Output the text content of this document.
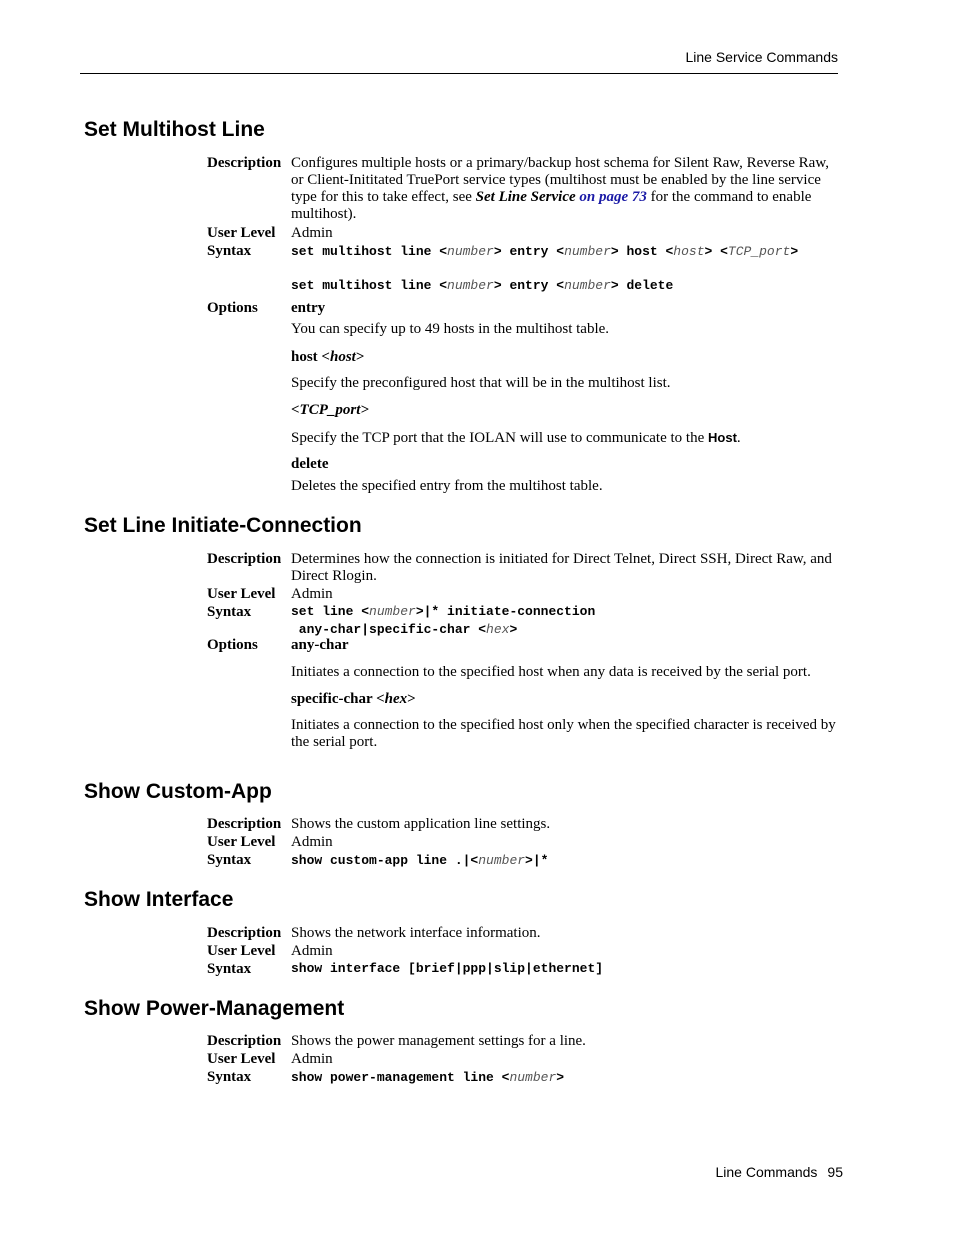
Line Service Commands
Set Multihost Line
Description Configures multiple hosts or a primary/backup host schema for Silent Raw, Reverse Raw, or Client-Inititated TruePort service types (multihost must be enabled by the line service type for this to take effect, see Set Line Service on page 73 for the command to enable multihost).
User Level Admin
Syntax	set multihost line <number> entry <number> host <host> <TCP_port>
set multihost line <number> entry <number> delete
Options entry
You can specify up to 49 hosts in the multihost table.
host <host>
Specify the preconfigured host that will be in the multihost list.
<TCP_port>
Specify the TCP port that the IOLAN will use to communicate to the Host.
delete
Deletes the specified entry from the multihost table.
Set Line Initiate-Connection
Description Determines how the connection is initiated for Direct Telnet, Direct SSH, Direct Raw, and Direct Rlogin.
User Level Admin
Syntax	set line <number>|* initiate-connection
any-char|specific-char <hex>
Options any-char
Initiates a connection to the specified host when any data is received by the serial port.
specific-char <hex>
Initiates a connection to the specified host only when the specified character is received by the serial port.
Show Custom-App
Description Shows the custom application line settings.
User Level Admin
Syntax	show custom-app line .|<number>|*
Show Interface
Description Shows the network interface information.
User Level Admin
Syntax	show interface [brief|ppp|slip|ethernet]
Show Power-Management
Description Shows the power management settings for a line.
User Level Admin
Syntax	show power-management line <number>
Line Commands 95
